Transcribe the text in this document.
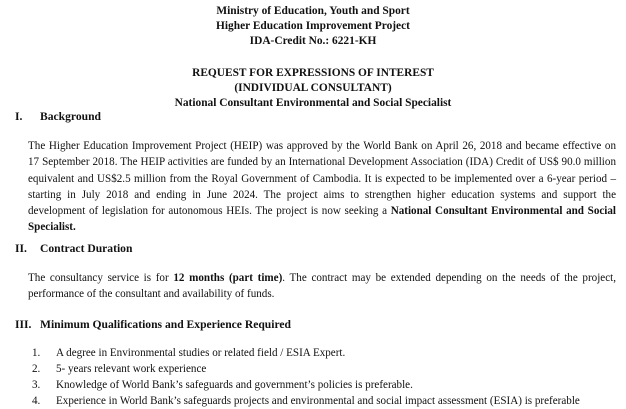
Ministry of Education, Youth and Sport
Higher Education Improvement Project
IDA-Credit No.: 6221-KH
REQUEST FOR EXPRESSIONS OF INTEREST
(INDIVIDUAL CONSULTANT)
National Consultant Environmental and Social Specialist
I. Background
The Higher Education Improvement Project (HEIP) was approved by the World Bank on April 26, 2018 and became effective on
17 September 2018. The HEIP activities are funded by an International Development Association (IDA) Credit of US$ 90.0 million
equivalent and US$2.5 million from the Royal Government of Cambodia. It is expected to be implemented over a 6-year period –
starting in July 2018 and ending in June 2024. The project aims to strengthen higher education systems and support the
development of legislation for autonomous HEIs. The project is now seeking a National Consultant Environmental and Social
Specialist.
II. Contract Duration
The consultancy service is for 12 months (part time). The contract may be extended depending on the needs of the project,
performance of the consultant and availability of funds.
III. Minimum Qualifications and Experience Required
1. A degree in Environmental studies or related field / ESIA Expert.
2. 5- years relevant work experience
3. Knowledge of World Bank’s safeguards and government’s policies is preferable.
4. Experience in World Bank’s safeguards projects and environmental and social impact assessment (ESIA) is preferable
